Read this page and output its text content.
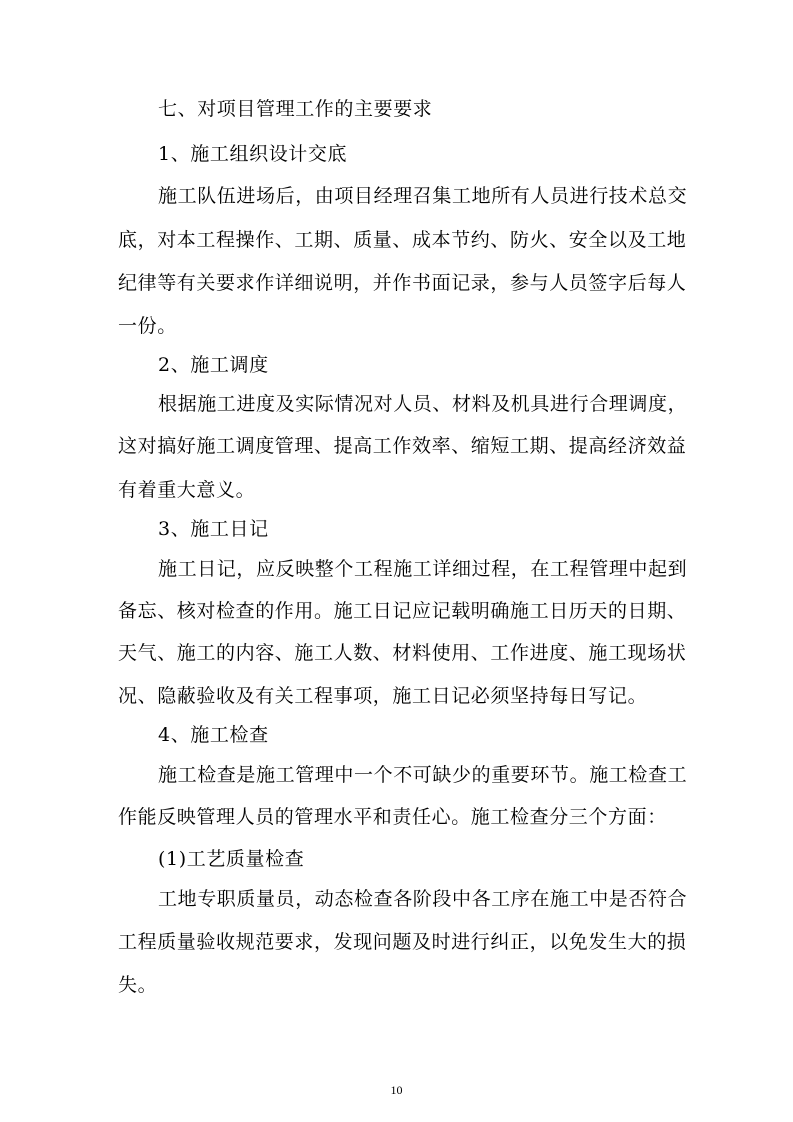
七、对项目管理工作的主要要求
1、施工组织设计交底
施工队伍进场后，由项目经理召集工地所有人员进行技术总交
底，对本工程操作、工期、质量、成本节约、防火、安全以及工地
纪律等有关要求作详细说明，并作书面记录，参与人员签字后每人
一份。
2、施工调度
根据施工进度及实际情况对人员、材料及机具进行合理调度，
这对搞好施工调度管理、提高工作效率、缩短工期、提高经济效益
有着重大意义。
3、施工日记
施工日记，应反映整个工程施工详细过程，在工程管理中起到
备忘、核对检查的作用。施工日记应记载明确施工日历天的日期、
天气、施工的内容、施工人数、材料使用、工作进度、施工现场状
况、隐蔽验收及有关工程事项，施工日记必须坚持每日写记。
4、施工检查
施工检查是施工管理中一个不可缺少的重要环节。施工检查工
作能反映管理人员的管理水平和责任心。施工检查分三个方面：
(1)工艺质量检查
工地专职质量员，动态检查各阶段中各工序在施工中是否符合
工程质量验收规范要求，发现问题及时进行纠正，以免发生大的损
失。
10
